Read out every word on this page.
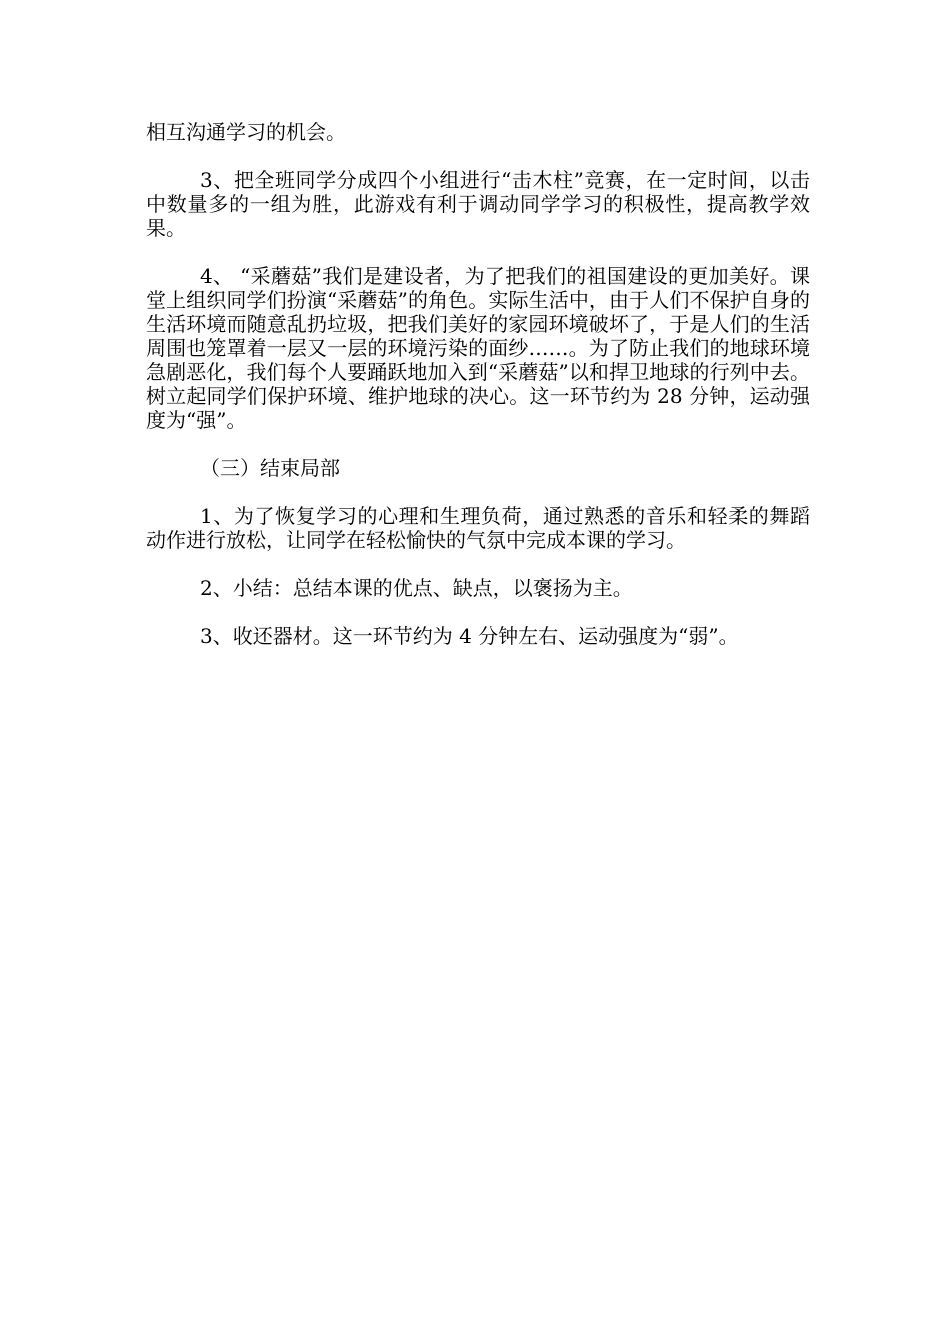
相互沟通学习的机会。

3、把全班同学分成四个小组进行“击木柱”竞赛，在一定时间，以击中数量多的一组为胜，此游戏有利于调动同学学习的积极性，提高教学效果。

4、 “采蘑菇”我们是建设者，为了把我们的祖国建设的更加美好。课堂上组织同学们扮演“采蘑菇”的角色。实际生活中，由于人们不保护自身的生活环境而随意乱扔垃圾，把我们美好的家园环境破坏了，于是人们的生活周围也笼罩着一层又一层的环境污染的面纱……。为了防止我们的地球环境急剧恶化，我们每个人要踊跃地加入到“采蘑菇”以和捍卫地球的行列中去。树立起同学们保护环境、维护地球的决心。这一环节约为 28 分钟，运动强度为“强”。

（三）结束局部

1、为了恢复学习的心理和生理负荷，通过熟悉的音乐和轻柔的舞蹈动作进行放松，让同学在轻松愉快的气氛中完成本课的学习。

2、小结：总结本课的优点、缺点，以褒扬为主。

3、收还器材。这一环节约为 4 分钟左右、运动强度为“弱”。
